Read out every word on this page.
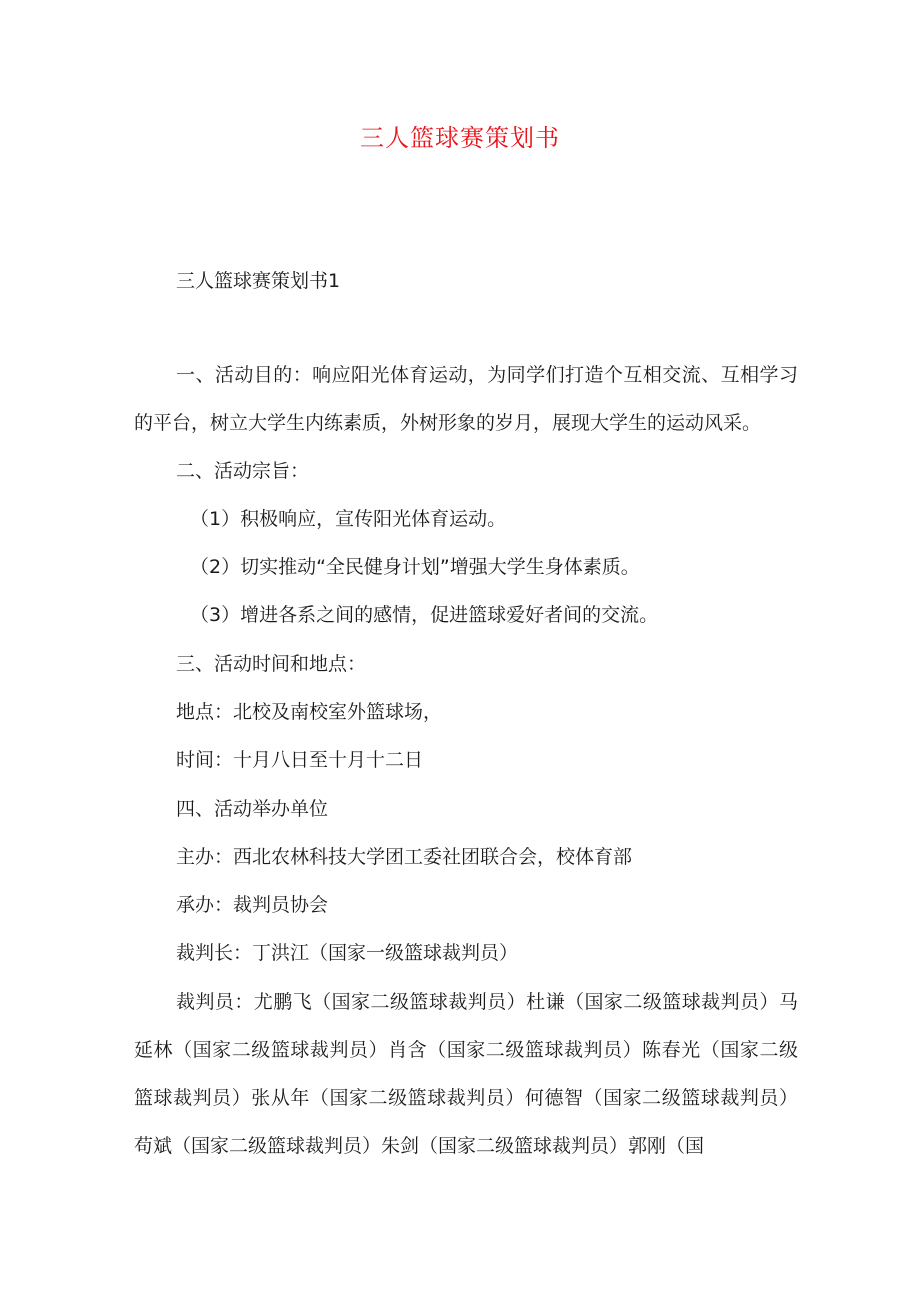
三人篮球赛策划书
三人篮球赛策划书1
一、活动目的：响应阳光体育运动，为同学们打造个互相交流、互相学习的平台，树立大学生内练素质，外树形象的岁月，展现大学生的运动风采。
二、活动宗旨：
（1）积极响应，宣传阳光体育运动。
（2）切实推动“全民健身计划”增强大学生身体素质。
（3）增进各系之间的感情，促进篮球爱好者间的交流。
三、活动时间和地点：
地点：北校及南校室外篮球场，
时间：十月八日至十月十二日
四、活动举办单位
主办：西北农林科技大学团工委社团联合会，校体育部
承办：裁判员协会
裁判长：丁洪江（国家一级篮球裁判员）
裁判员：尤鹏飞（国家二级篮球裁判员）杜谦（国家二级篮球裁判员）马延林（国家二级篮球裁判员）肖含（国家二级篮球裁判员）陈春光（国家二级篮球裁判员）张从年（国家二级篮球裁判员）何德智（国家二级篮球裁判员）苟斌（国家二级篮球裁判员）朱剑（国家二级篮球裁判员）郭刚（国
